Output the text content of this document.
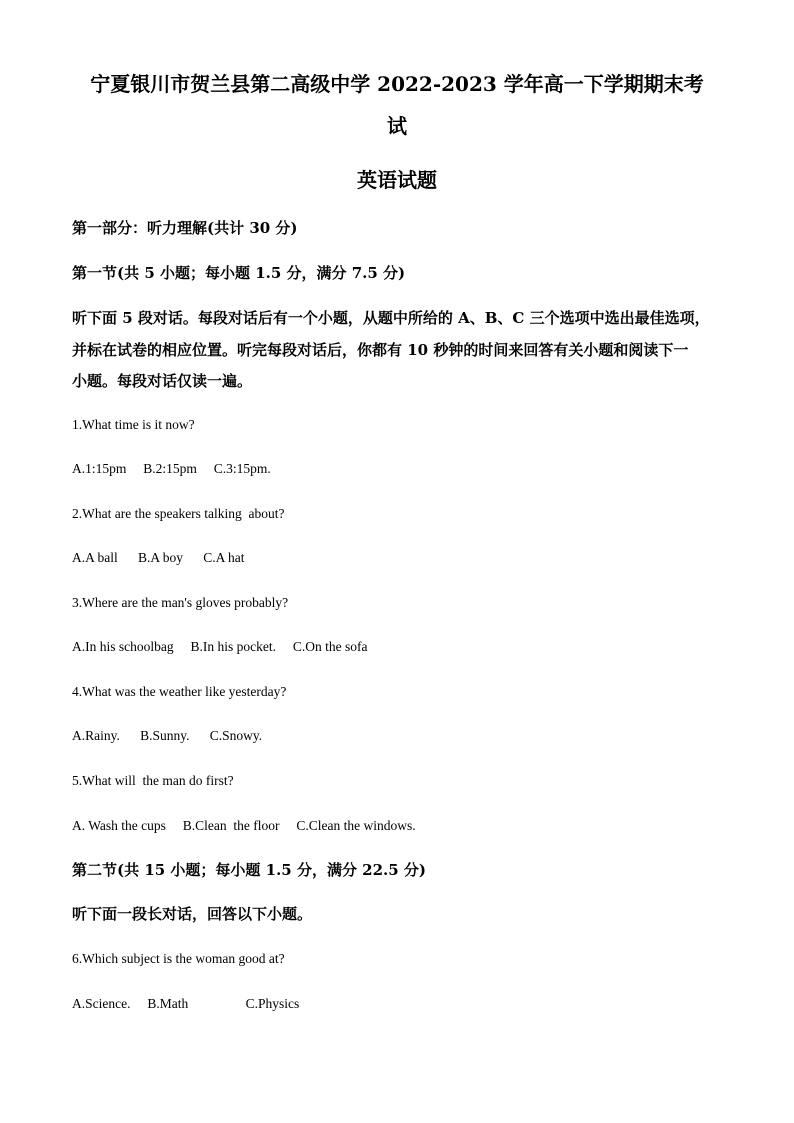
宁夏银川市贺兰县第二高级中学 2022-2023 学年高一下学期期末考
试
英语试题
第一部分：听力理解(共计 30 分)
第一节(共 5 小题；每小题 1.5 分，满分 7.5 分)
听下面 5 段对话。每段对话后有一个小题，从题中所给的 A、B、C 三个选项中选出最佳选项，
并标在试卷的相应位置。听完每段对话后，你都有 10 秒钟的时间来回答有关小题和阅读下一
小题。每段对话仅读一遍。
1.What time is it now?
A.1:15pm     B.2:15pm     C.3:15pm.
2.What are the speakers talking  about?
A.A ball      B.A boy      C.A hat
3.Where are the man's gloves probably?
A.In his schoolbag     B.In his pocket.     C.On the sofa
4.What was the weather like yesterday?
A.Rainy.      B.Sunny.      C.Snowy.
5.What will  the man do first?
A. Wash the cups     B.Clean  the floor     C.Clean the windows.
第二节(共 15 小题；每小题 1.5 分，满分 22.5 分)
听下面一段长对话，回答以下小题。
6.Which subject is the woman good at?
A.Science.     B.Math                 C.Physics
